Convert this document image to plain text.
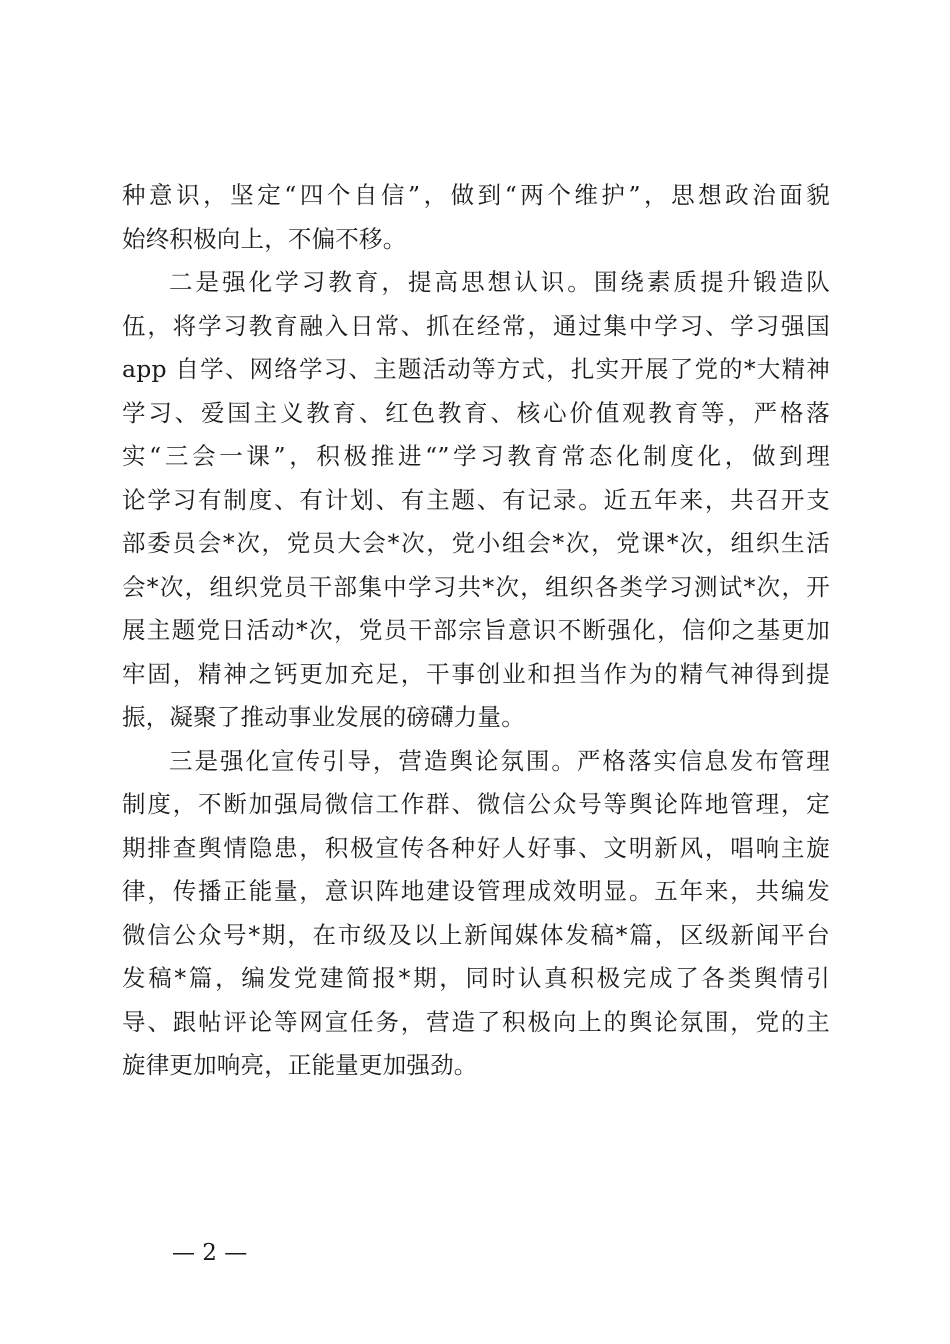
种意识，坚定“四个自信”，做到“两个维护”，思想政治面貌
始终积极向上，不偏不移。
二是强化学习教育，提高思想认识。围绕素质提升锻造队
伍，将学习教育融入日常、抓在经常，通过集中学习、学习强国
app 自学、网络学习、主题活动等方式，扎实开展了党的*大精神
学习、爱国主义教育、红色教育、核心价值观教育等，严格落
实“三会一课”，积极推进“”学习教育常态化制度化，做到理
论学习有制度、有计划、有主题、有记录。近五年来，共召开支
部委员会*次，党员大会*次，党小组会*次，党课*次，组织生活
会*次，组织党员干部集中学习共*次，组织各类学习测试*次，开
展主题党日活动*次，党员干部宗旨意识不断强化，信仰之基更加
牢固，精神之钙更加充足，干事创业和担当作为的精气神得到提
振，凝聚了推动事业发展的磅礴力量。
三是强化宣传引导，营造舆论氛围。严格落实信息发布管理
制度，不断加强局微信工作群、微信公众号等舆论阵地管理，定
期排查舆情隐患，积极宣传各种好人好事、文明新风，唱响主旋
律，传播正能量，意识阵地建设管理成效明显。五年来，共编发
微信公众号*期，在市级及以上新闻媒体发稿*篇，区级新闻平台
发稿*篇，编发党建简报*期，同时认真积极完成了各类舆情引
导、跟帖评论等网宣任务，营造了积极向上的舆论氛围，党的主
旋律更加响亮，正能量更加强劲。
— 2 —
